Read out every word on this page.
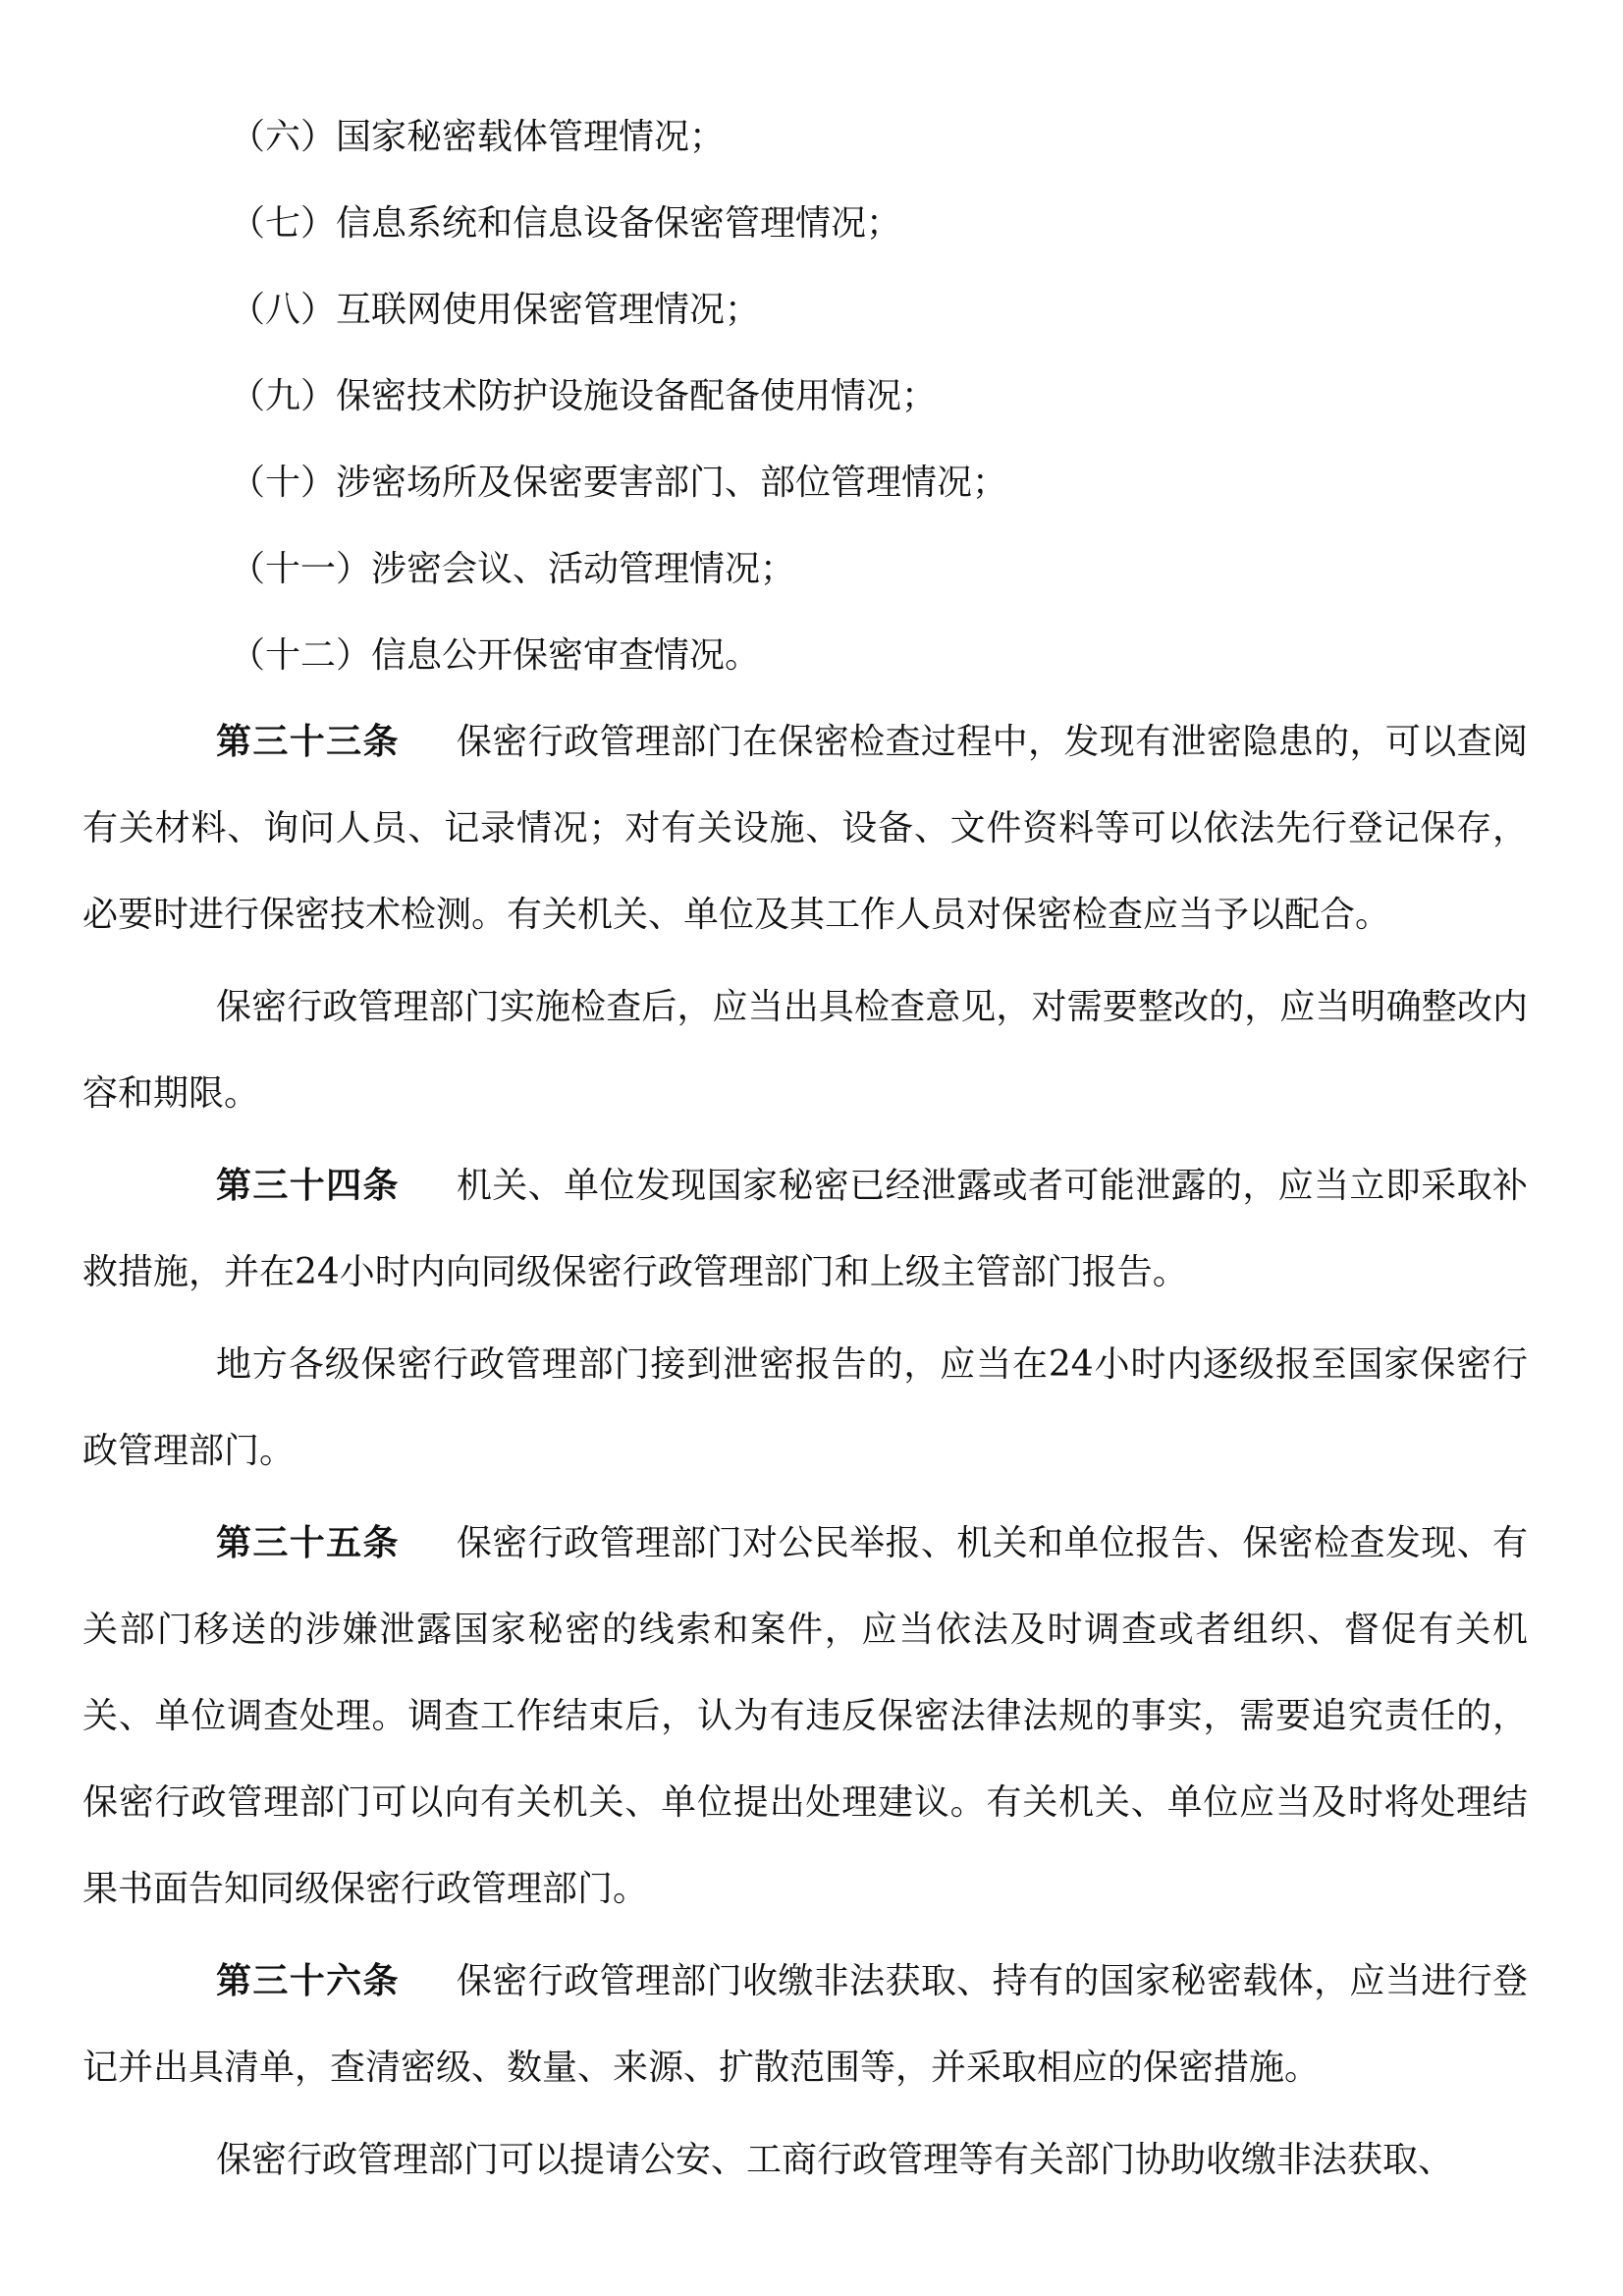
（六）国家秘密载体管理情况；
（七）信息系统和信息设备保密管理情况；
（八）互联网使用保密管理情况；
（九）保密技术防护设施设备配备使用情况；
（十）涉密场所及保密要害部门、部位管理情况；
（十一）涉密会议、活动管理情况；
（十二）信息公开保密审查情况。

第三十三条 保密行政管理部门在保密检查过程中，发现有泄密隐患的，可以查阅有关材料、询问人员、记录情况；对有关设施、设备、文件资料等可以依法先行登记保存，必要时进行保密技术检测。有关机关、单位及其工作人员对保密检查应当予以配合。

保密行政管理部门实施检查后，应当出具检查意见，对需要整改的，应当明确整改内容和期限。

第三十四条 机关、单位发现国家秘密已经泄露或者可能泄露的，应当立即采取补救措施，并在24小时内向同级保密行政管理部门和上级主管部门报告。

地方各级保密行政管理部门接到泄密报告的，应当在24小时内逐级报至国家保密行政管理部门。

第三十五条 保密行政管理部门对公民举报、机关和单位报告、保密检查发现、有关部门移送的涉嫌泄露国家秘密的线索和案件，应当依法及时调查或者组织、督促有关机关、单位调查处理。调查工作结束后，认为有违反保密法律法规的事实，需要追究责任的，保密行政管理部门可以向有关机关、单位提出处理建议。有关机关、单位应当及时将处理结果书面告知同级保密行政管理部门。

第三十六条 保密行政管理部门收缴非法获取、持有的国家秘密载体，应当进行登记并出具清单，查清密级、数量、来源、扩散范围等，并采取相应的保密措施。

保密行政管理部门可以提请公安、工商行政管理等有关部门协助收缴非法获取、
